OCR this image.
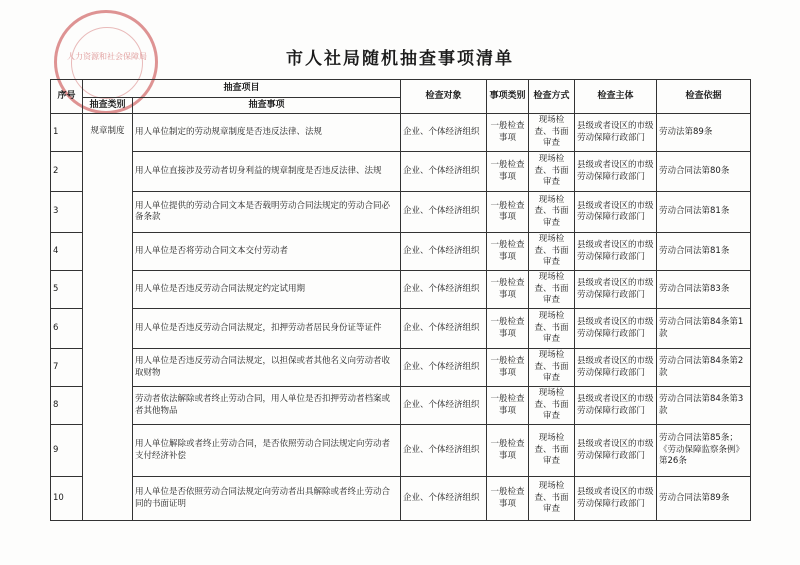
人力资源和社会保障局	市人社局随机抽查事项清单
序号	抽查项目		检查对象	事项类别	检查方式	检查主体	检查依据
	抽查类别	抽查事项					
1	规章制度	用人单位制定的劳动规章制度是否违反法律、法规	企业、个体经济组织	一般检查事项	现场检查、书面审查	县级或者设区的市级劳动保障行政部门	劳动法第89条
2		用人单位直接涉及劳动者切身利益的规章制度是否违反法律、法规	企业、个体经济组织	一般检查事项	现场检查、书面审查	县级或者设区的市级劳动保障行政部门	劳动合同法第80条
3		用人单位提供的劳动合同文本是否载明劳动合同法规定的劳动合同必备条款	企业、个体经济组织	一般检查事项	现场检查、书面审查	县级或者设区的市级劳动保障行政部门	劳动合同法第81条
4		用人单位是否将劳动合同文本交付劳动者	企业、个体经济组织	一般检查事项	现场检查、书面审查	县级或者设区的市级劳动保障行政部门	劳动合同法第81条
5		用人单位是否违反劳动合同法规定约定试用期	企业、个体经济组织	一般检查事项	现场检查、书面审查	县级或者设区的市级劳动保障行政部门	劳动合同法第83条
6		用人单位是否违反劳动合同法规定，扣押劳动者居民身份证等证件	企业、个体经济组织	一般检查事项	现场检查、书面审查	县级或者设区的市级劳动保障行政部门	劳动合同法第84条第1款
7		用人单位是否违反劳动合同法规定，以担保或者其他名义向劳动者收取财物	企业、个体经济组织	一般检查事项	现场检查、书面审查	县级或者设区的市级劳动保障行政部门	劳动合同法第84条第2款
8		劳动者依法解除或者终止劳动合同，用人单位是否扣押劳动者档案或者其他物品	企业、个体经济组织	一般检查事项	现场检查、书面审查	县级或者设区的市级劳动保障行政部门	劳动合同法第84条第3款
9		用人单位解除或者终止劳动合同，是否依照劳动合同法规定向劳动者支付经济补偿	企业、个体经济组织	一般检查事项	现场检查、书面审查	县级或者设区的市级劳动保障行政部门	劳动合同法第85条；《劳动保障监察条例》第26条
10		用人单位是否依照劳动合同法规定向劳动者出具解除或者终止劳动合同的书面证明	企业、个体经济组织	一般检查事项	现场检查、书面审查	县级或者设区的市级劳动保障行政部门	劳动合同法第89条
